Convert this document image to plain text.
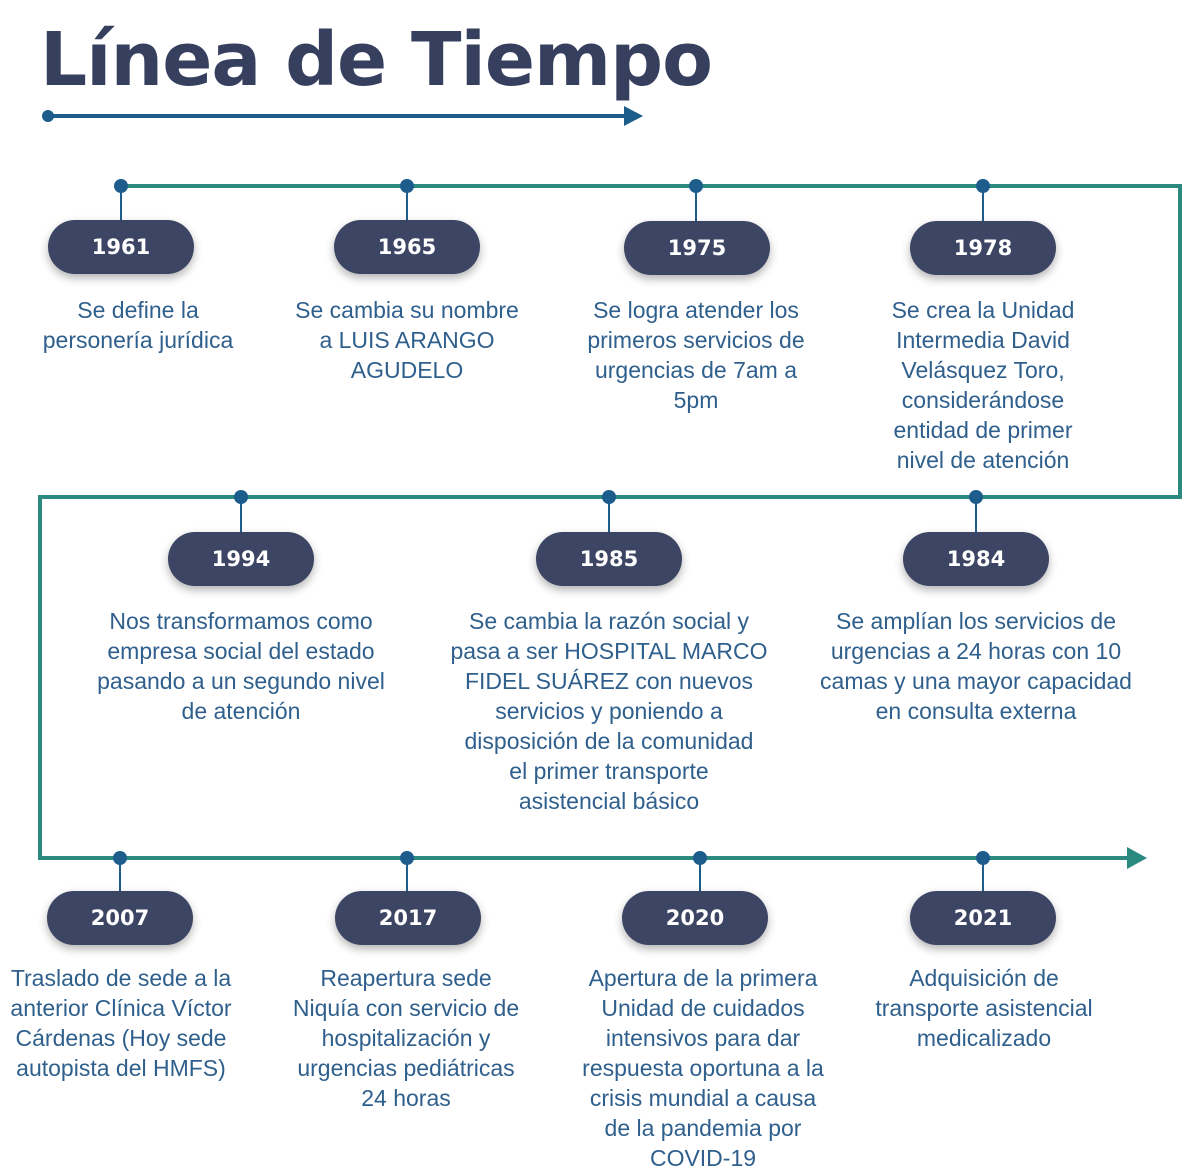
Línea de Tiempo
1961
Se define la
personería jurídica
1965
Se cambia su nombre
a LUIS ARANGO
AGUDELO
1975
Se logra atender los
primeros servicios de
urgencias de 7am a
5pm
1978
Se crea la Unidad
Intermedia David
Velásquez Toro,
considerándose
entidad de primer
nivel de atención
1984
Se amplían los servicios de
urgencias a 24 horas con 10
camas y una mayor capacidad
en consulta externa
1985
Se cambia la razón social y
pasa a ser HOSPITAL MARCO
FIDEL SUÁREZ con nuevos
servicios y poniendo a
disposición de la comunidad
el primer transporte
asistencial básico
1994
Nos transformamos como
empresa social del estado
pasando a un segundo nivel
de atención
2007
Traslado de sede a la
anterior Clínica Víctor
Cárdenas (Hoy sede
autopista del HMFS)
2017
Reapertura sede
Niquía con servicio de
hospitalización y
urgencias pediátricas
24 horas
2020
Apertura de la primera
Unidad de cuidados
intensivos para dar
respuesta oportuna a la
crisis mundial a causa
de la pandemia por
COVID-19
2021
Adquisición de
transporte asistencial
medicalizado
